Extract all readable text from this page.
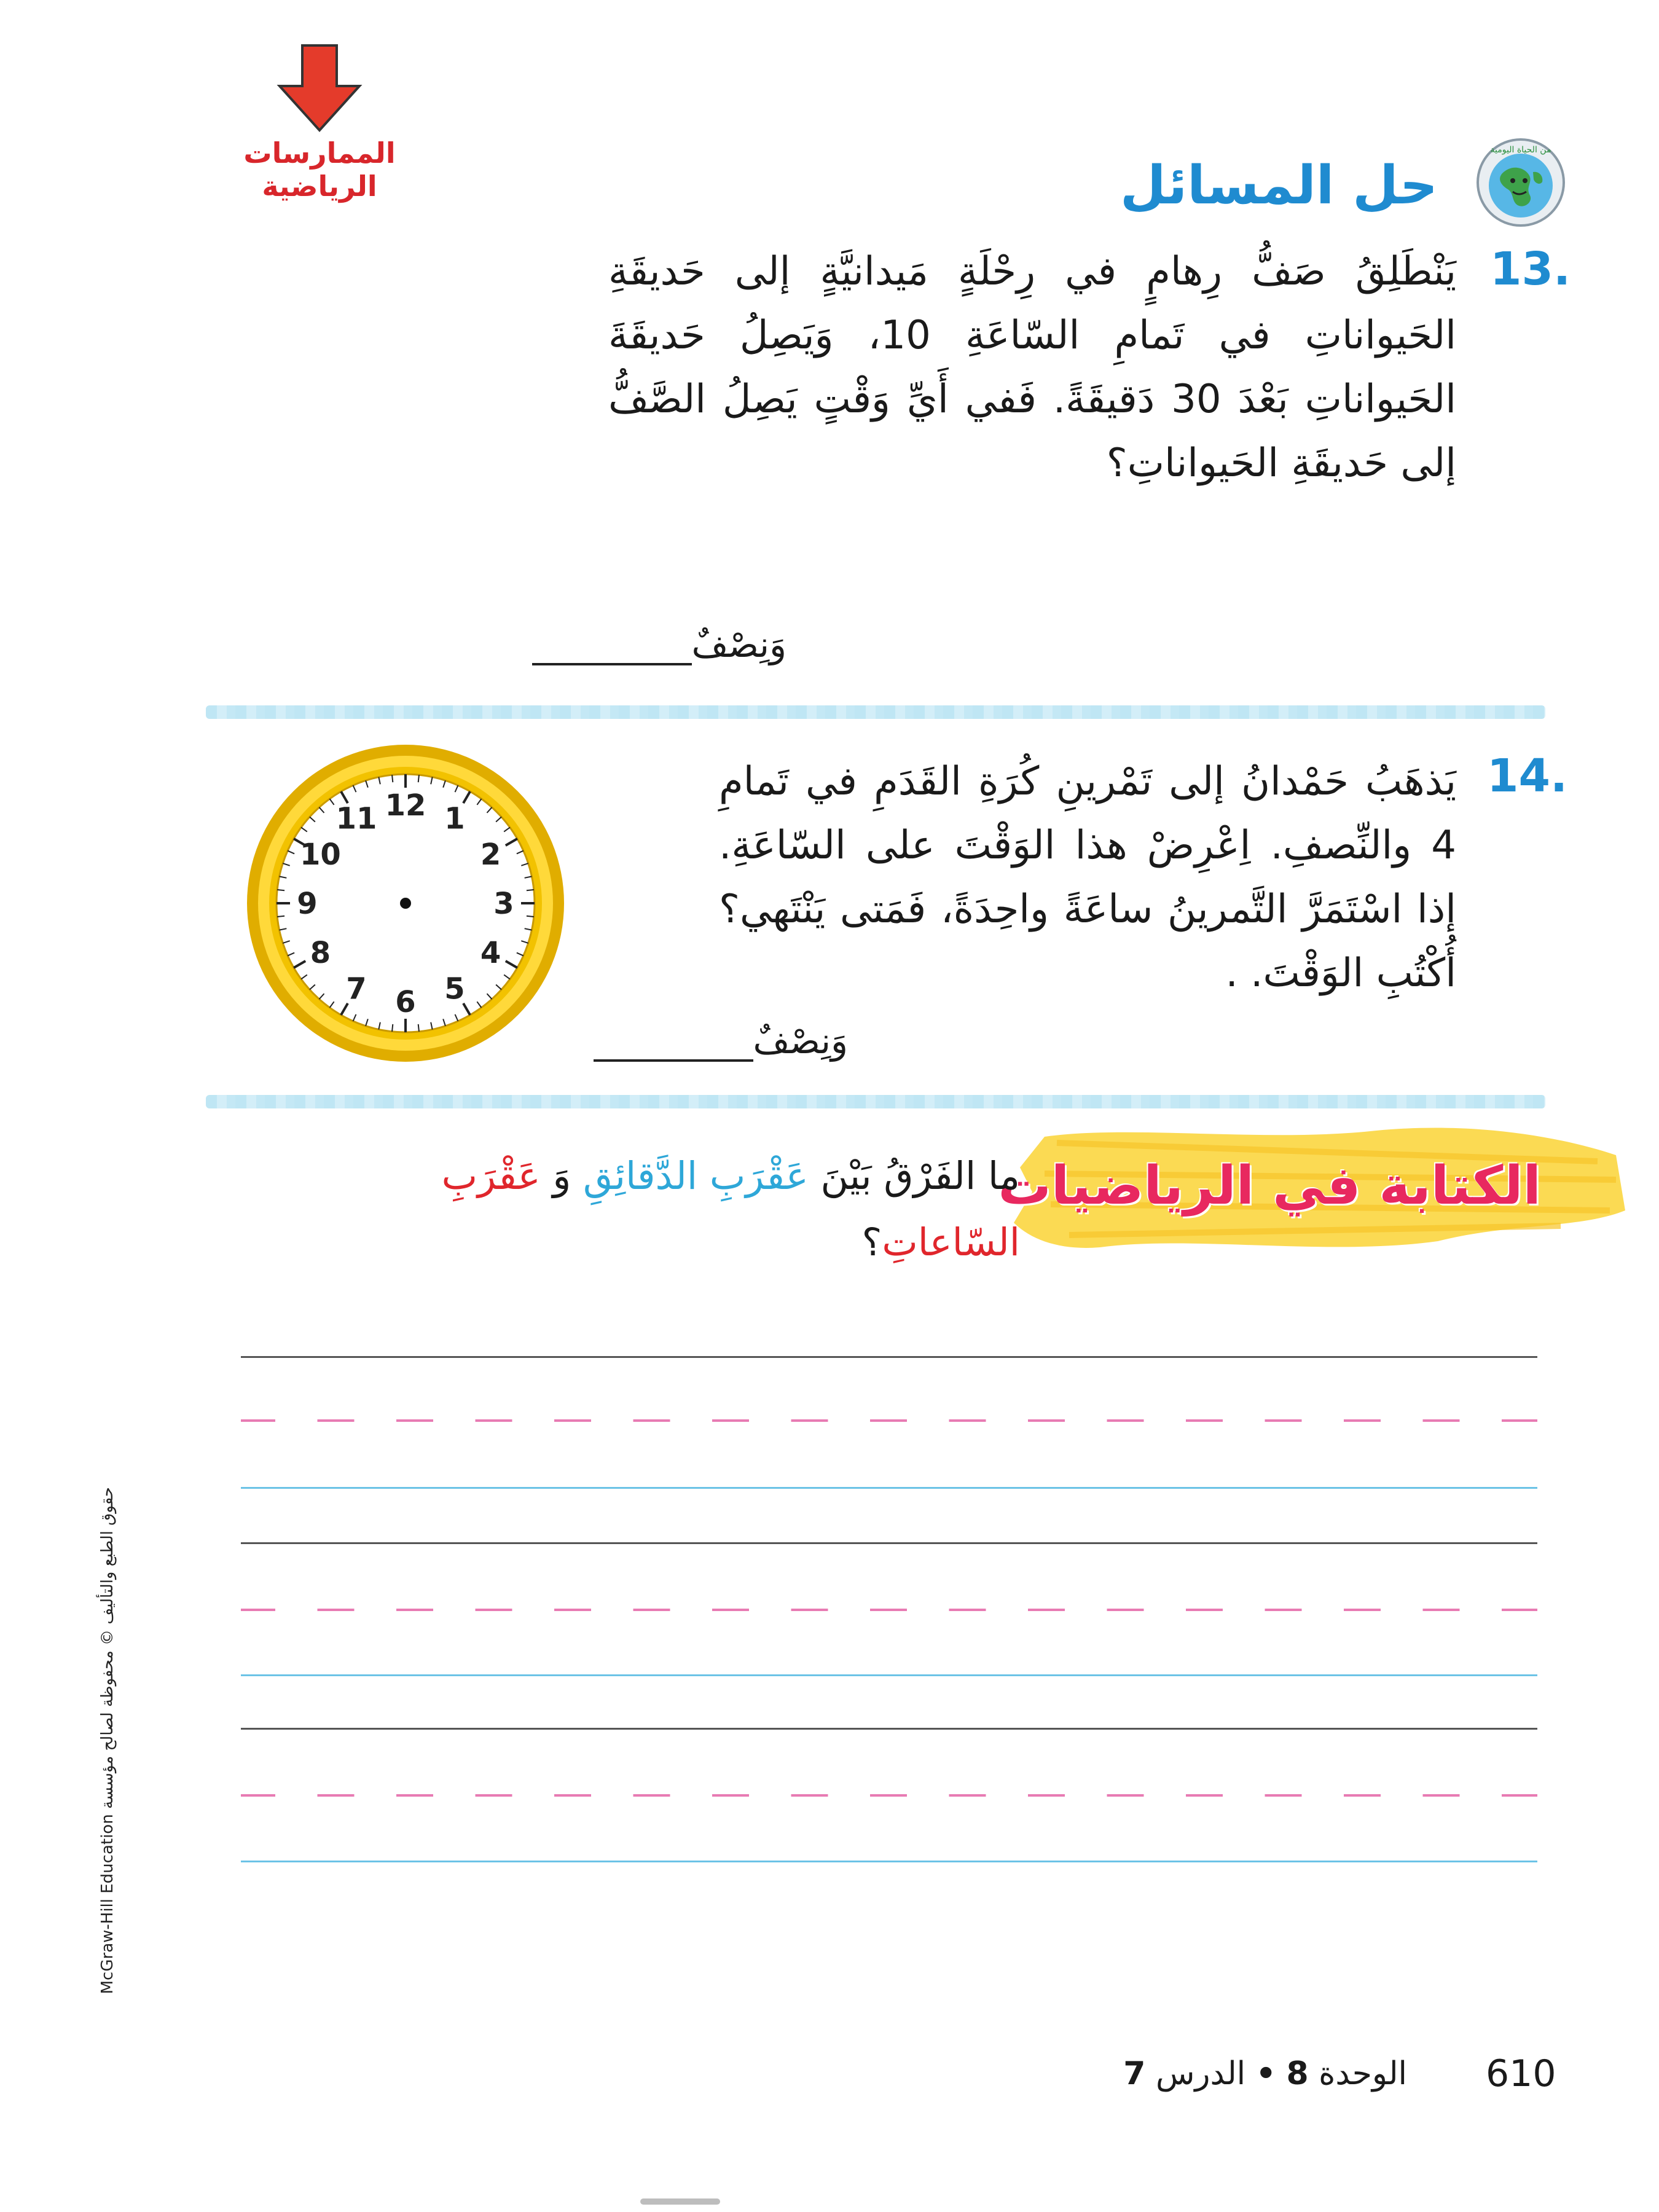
الممارسات الرياضية	حل المسائل
من الحياة اليومية
13.
يَنْطَلِقُ صَفُّ رِهامٍ في رِحْلَةٍ مَيدانيَّةٍ إلى حَديقَةِ الحَيواناتِ في تَمامِ السّاعَةِ 10، وَيَصِلُ حَديقَةَ الحَيواناتِ بَعْدَ 30 دَقيقَةً. فَفي أَيِّ وَقْتٍ يَصِلُ الصَّفُّ إلى حَديقَةِ الحَيواناتِ؟
وَنِصْفٌ
14.
يَذهَبُ حَمْدانُ إلى تَمْرينِ كُرَةِ القَدَمِ في تَمامِ 4 والنِّصفِ. اِعْرِضْ هذا الوَقْتَ على السّاعَةِ. إذا اسْتَمَرَّ التَّمرينُ ساعَةً واحِدَةً، فَمَتى يَنْتَهي؟ أُكْتُبِ الوَقْتَ. .
12 1
2
3
4
5
6
7
8
9
10
11
وَنِصْفٌ
الكتابة في الرياضيات
ما الفَرْقُ بَيْنَ عَقْرَبِ الدَّقائِقِ وَ عَقْرَبِ السّاعاتِ؟
حقوق الطبع والتأليف © محفوظة لصالح مؤسسة McGraw-Hill Education
الوحدة 8 • الدرس 7	610
